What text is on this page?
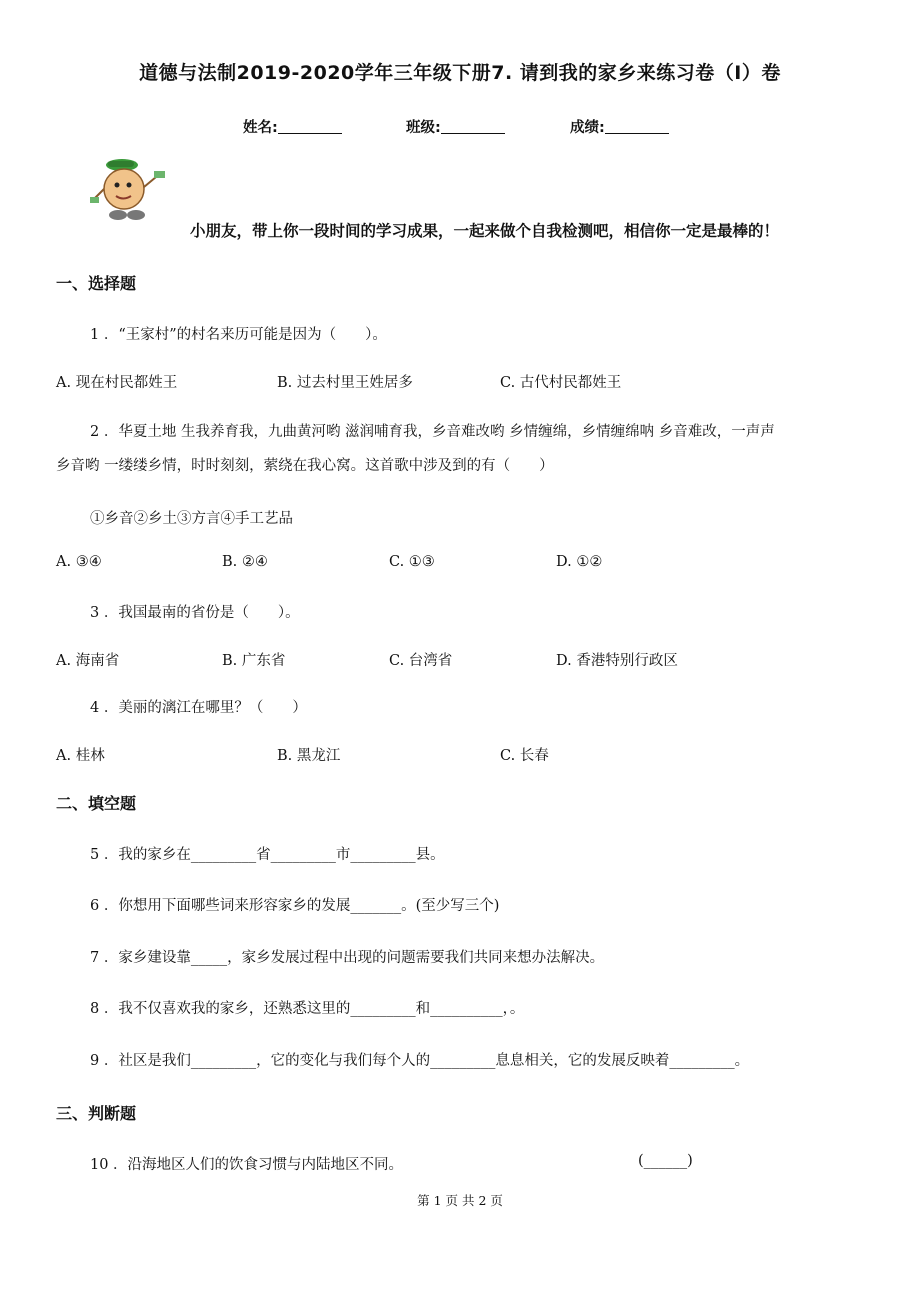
道德与法制2019-2020学年三年级下册7. 请到我的家乡来练习卷（I）卷
姓名:	班级:	成绩:
小朋友，带上你一段时间的学习成果，一起来做个自我检测吧，相信你一定是最棒的！
一、选择题
1 ．“王家村”的村名来历可能是因为（　　）。
A. 现在村民都姓王	B. 过去村里王姓居多	C. 古代村民都姓王
2 ．华夏土地 生我养育我，九曲黄河哟 滋润哺育我，乡音难改哟 乡情缠绵，乡情缠绵呐 乡音难改，一声声
乡音哟 一缕缕乡情，时时刻刻，萦绕在我心窝。这首歌中涉及到的有（　　）
①乡音②乡土③方言④手工艺品
A. ③④	B. ②④	C. ①③	D. ①②
3 ．我国最南的省份是（　　）。
A. 海南省	B. 广东省	C. 台湾省	D. 香港特别行政区
4 ．美丽的漓江在哪里？（　　）
A. 桂林	B. 黑龙江	C. 长春
二、填空题
5 ．我的家乡在_________省_________市_________县。
6 ．你想用下面哪些词来形容家乡的发展_______。(至少写三个)
7 ．家乡建设靠_____，家乡发展过程中出现的问题需要我们共同来想办法解决。
8 ．我不仅喜欢我的家乡，还熟悉这里的_________和__________，。
9 ．社区是我们_________，它的变化与我们每个人的_________息息相关，它的发展反映着_________。
三、判断题
10 ．沿海地区人们的饮食习惯与内陆地区不同。	(______)
第 1 页 共 2 页
